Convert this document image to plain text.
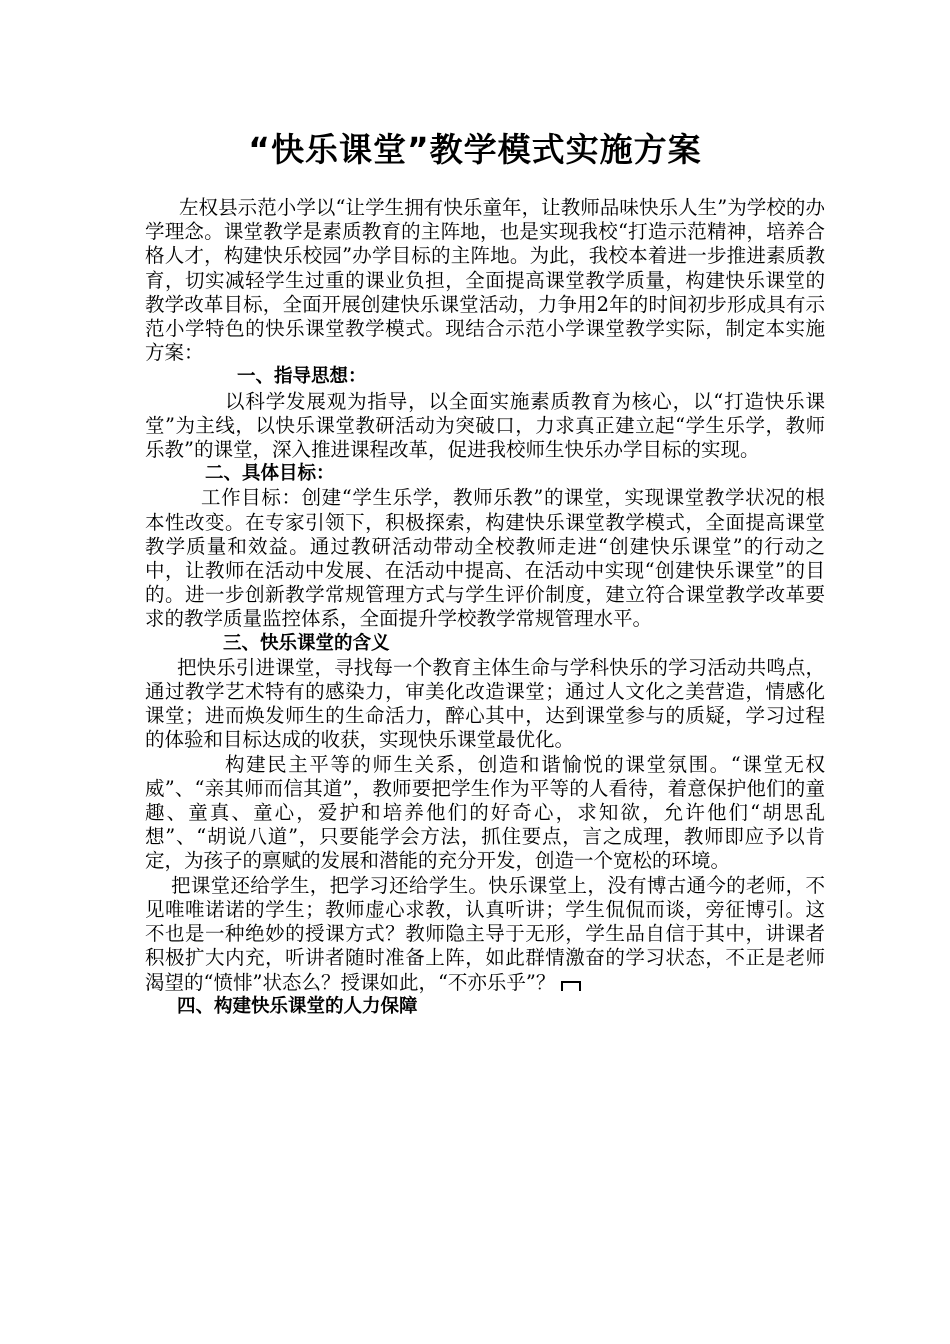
“快乐课堂”教学模式实施方案

左权县示范小学以“让学生拥有快乐童年，让教师品味快乐人生”为学校的办学理念。课堂教学是素质教育的主阵地，也是实现我校“打造示范精神，培养合格人才，构建快乐校园”办学目标的主阵地。为此，我校本着进一步推进素质教育，切实减轻学生过重的课业负担，全面提高课堂教学质量，构建快乐课堂的教学改革目标，全面开展创建快乐课堂活动，力争用2年的时间初步形成具有示范小学特色的快乐课堂教学模式。现结合示范小学课堂教学实际，制定本实施方案：

一、指导思想：

以科学发展观为指导，以全面实施素质教育为核心，以“打造快乐课堂”为主线，以快乐课堂教研活动为突破口，力求真正建立起“学生乐学，教师乐教”的课堂，深入推进课程改革，促进我校师生快乐办学目标的实现。

二、具体目标：

工作目标：创建“学生乐学，教师乐教”的课堂，实现课堂教学状况的根本性改变。在专家引领下，积极探索，构建快乐课堂教学模式，全面提高课堂教学质量和效益。通过教研活动带动全校教师走进“创建快乐课堂”的行动之中，让教师在活动中发展、在活动中提高、在活动中实现“创建快乐课堂”的目的。进一步创新教学常规管理方式与学生评价制度，建立符合课堂教学改革要求的教学质量监控体系，全面提升学校教学常规管理水平。

三、快乐课堂的含义

把快乐引进课堂，寻找每一个教育主体生命与学科快乐的学习活动共鸣点，通过教学艺术特有的感染力，审美化改造课堂；通过人文化之美营造，情感化课堂；进而焕发师生的生命活力，醉心其中，达到课堂参与的质疑，学习过程的体验和目标达成的收获，实现快乐课堂最优化。

构建民主平等的师生关系，创造和谐愉悦的课堂氛围。“课堂无权威”、“亲其师而信其道”，教师要把学生作为平等的人看待，着意保护他们的童趣、童真、童心，爱护和培养他们的好奇心，求知欲，允许他们“胡思乱想”、“胡说八道”，只要能学会方法，抓住要点，言之成理，教师即应予以肯定，为孩子的禀赋的发展和潜能的充分开发，创造一个宽松的环境。

把课堂还给学生，把学习还给学生。快乐课堂上，没有博古通今的老师，不见唯唯诺诺的学生；教师虚心求教，认真听讲；学生侃侃而谈，旁征博引。这不也是一种绝妙的授课方式？教师隐主导于无形，学生品自信于其中，讲课者积极扩大内充，听讲者随时准备上阵，如此群情激奋的学习状态，不正是老师渴望的“愤悱”状态么？授课如此，“不亦乐乎”？

四、构建快乐课堂的人力保障
